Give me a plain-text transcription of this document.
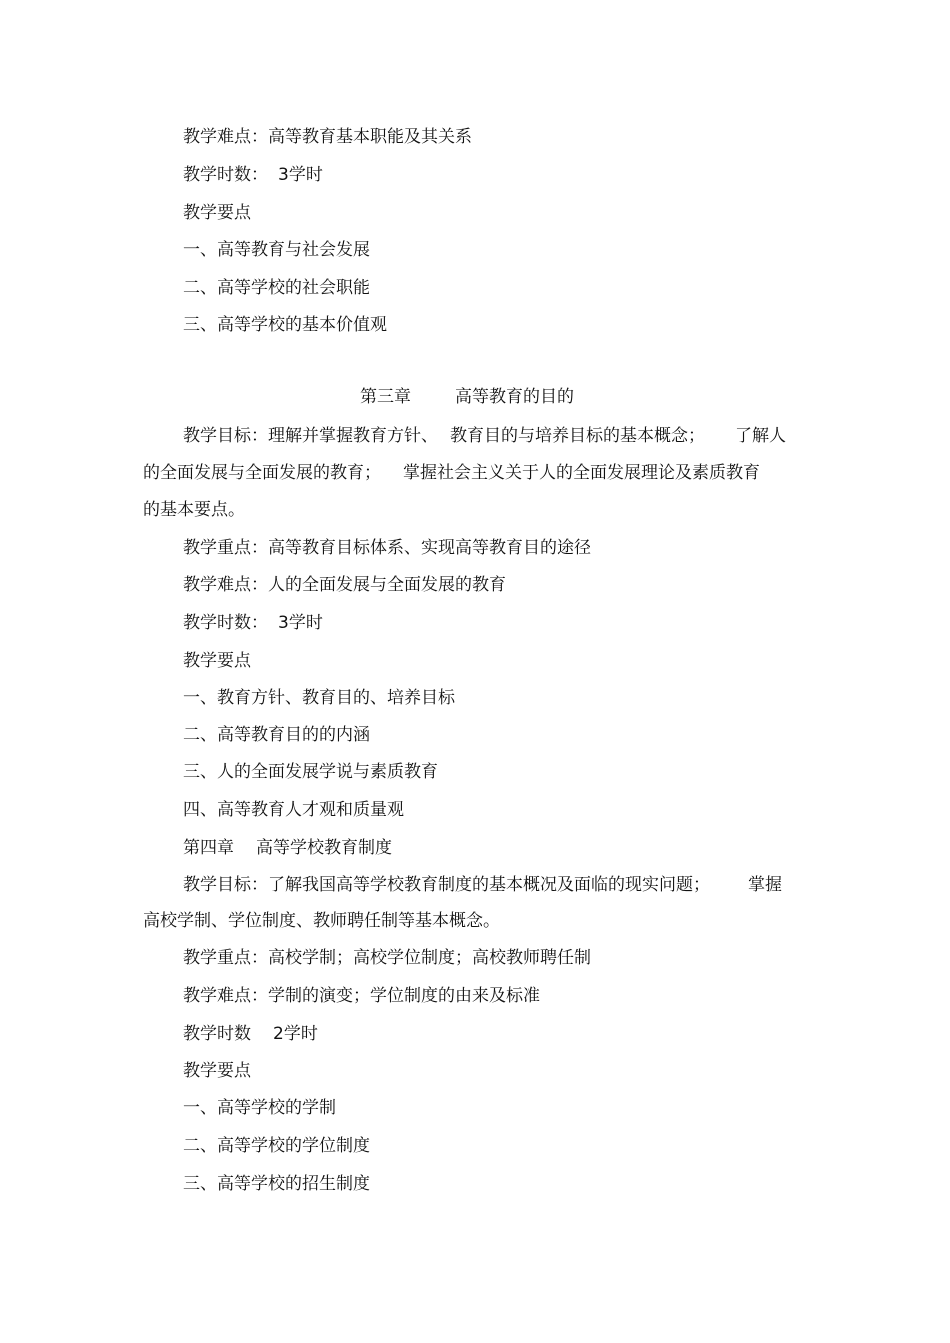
教学难点：高等教育基本职能及其关系
教学时数： 3学时
教学要点
一、高等教育与社会发展
二、高等学校的社会职能
三、高等学校的基本价值观
第三章	高等教育的目的
教学目标：理解并掌握教育方针、 教育目的与培养目标的基本概念； 了解人
的全面发展与全面发展的教育； 掌握社会主义关于人的全面发展理论及素质教育
的基本要点。
教学重点：高等教育目标体系、实现高等教育目的途径
教学难点：人的全面发展与全面发展的教育
教学时数： 3学时
教学要点
一、教育方针、教育目的、培养目标
二、高等教育目的的内涵
三、人的全面发展学说与素质教育
四、高等教育人才观和质量观
第四章 高等学校教育制度
教学目标：了解我国高等学校教育制度的基本概况及面临的现实问题； 掌握
高校学制、学位制度、教师聘任制等基本概念。
教学重点：高校学制；高校学位制度；高校教师聘任制
教学难点：学制的演变；学位制度的由来及标准
教学时数 2学时
教学要点
一、高等学校的学制
二、高等学校的学位制度
三、高等学校的招生制度
